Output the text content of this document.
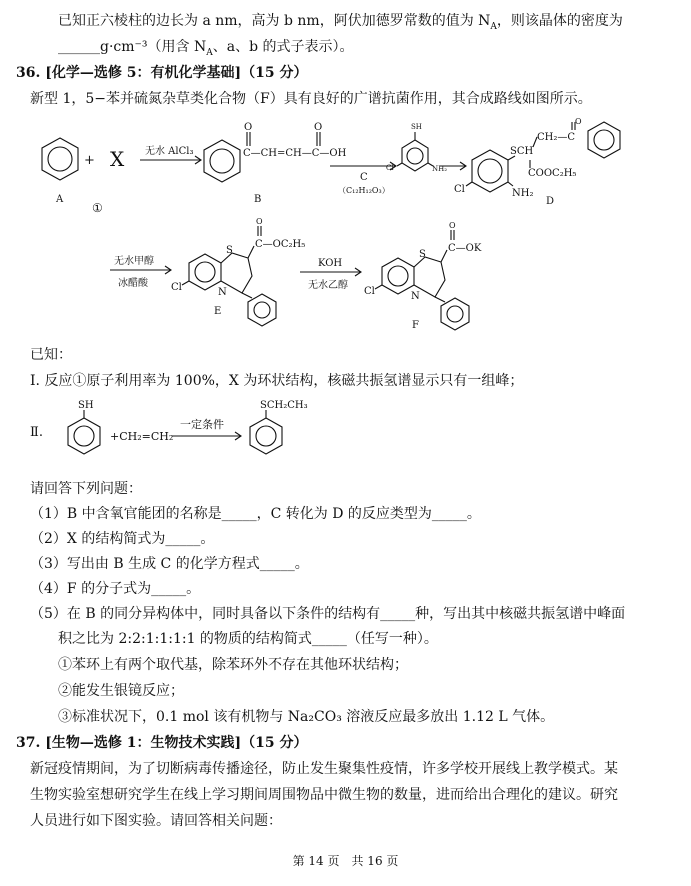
已知正六棱柱的边长为 a nm，高为 b nm，阿伏加德罗常数的值为 $N_A$，则该晶体的密度为
______g·cm⁻³（用含 $N_A$、a、b 的式子表示）。
36. [化学—选修 5：有机化学基础]（15 分）
新型 1，5−苯并硫氮杂草类化合物（F）具有良好的广谱抗菌作用，其合成路线如图所示。
+ X
A
①
无水 AlCl₃	C—CH=CH—C—OH
O	O
B
C
（C₁₂H₁₂O₃）
SH
NH₂
Cl
SCH
CH₂—C
O
COOC₂H₅
Cl	NH₂
D
无水甲醇
冰醋酸
S
O
C—OC₂H₅
Cl	N
E
KOH
无水乙醇
S
O
C—OK
Cl	N
F
已知：
Ⅰ. 反应①原子利用率为 100%，X 为环状结构，核磁共振氢谱显示只有一组峰；
Ⅱ.
SH
+CH₂=CH₂
一定条件
SCH₂CH₃
请回答下列问题：
（1）B 中含氧官能团的名称是_____，C 转化为 D 的反应类型为_____。
（2）X 的结构简式为_____。
（3）写出由 B 生成 C 的化学方程式_____。
（4）F 的分子式为_____。
（5）在 B 的同分异构体中，同时具备以下条件的结构有_____种，写出其中核磁共振氢谱中峰面
积之比为 2:2:1:1:1:1 的物质的结构简式_____（任写一种）。
①苯环上有两个取代基，除苯环外不存在其他环状结构；
②能发生银镜反应；
③标准状况下，0.1 mol 该有机物与 Na₂CO₃ 溶液反应最多放出 1.12 L 气体。
37. [生物—选修 1：生物技术实践]（15 分）
新冠疫情期间，为了切断病毒传播途径，防止发生聚集性疫情，许多学校开展线上教学模式。某
生物实验室想研究学生在线上学习期间周围物品中微生物的数量，进而给出合理化的建议。研究
人员进行如下图实验。请回答相关问题：
第 14 页　共 16 页
